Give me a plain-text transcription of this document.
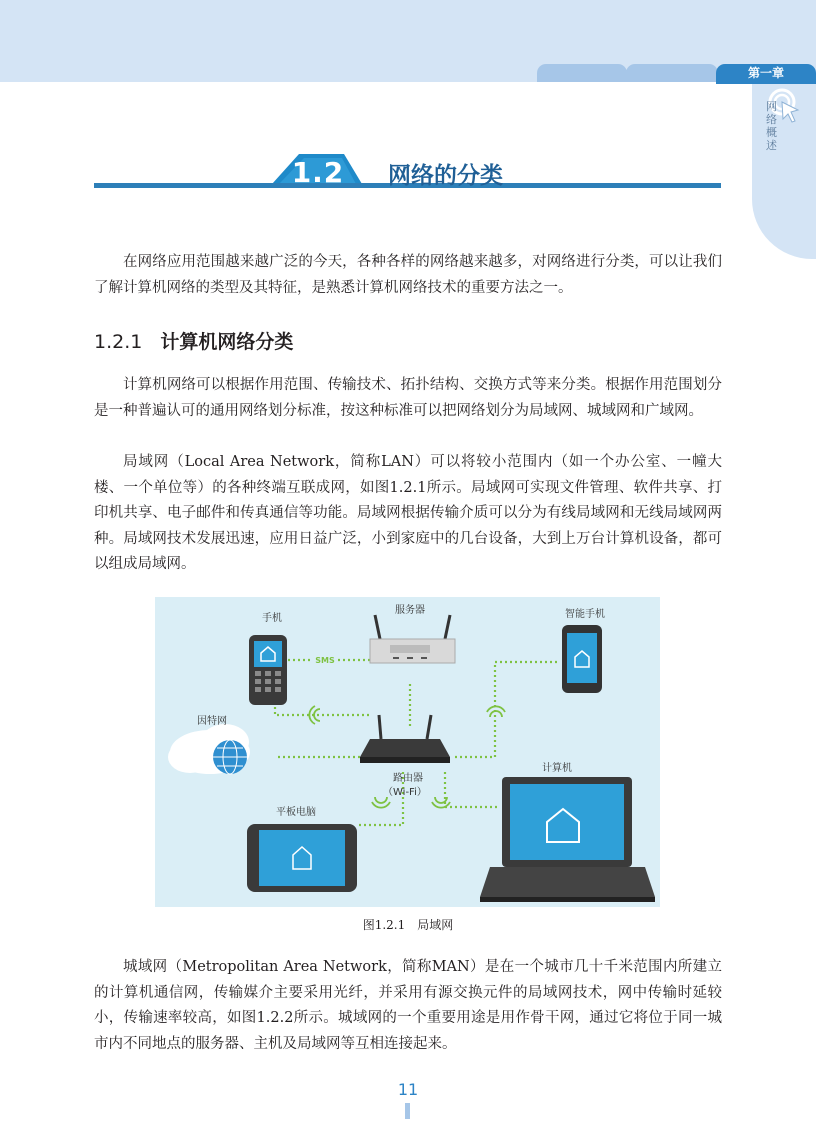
第一章
网络概述
1.2	网络的分类

在网络应用范围越来越广泛的今天，各种各样的网络越来越多，对网络进行分类，可以让我们了解计算机网络的类型及其特征，是熟悉计算机网络技术的重要方法之一。

1.2.1 计算机网络分类

计算机网络可以根据作用范围、传输技术、拓扑结构、交换方式等来分类。根据作用范围划分是一种普遍认可的通用网络划分标准，按这种标准可以把网络划分为局域网、城域网和广域网。

局域网（Local Area Network，简称LAN）可以将较小范围内（如一个办公室、一幢大楼、一个单位等）的各种终端互联成网，如图1.2.1所示。局域网可实现文件管理、软件共享、打印机共享、电子邮件和传真通信等功能。局域网根据传输介质可以分为有线局域网和无线局域网两种。局域网技术发展迅速，应用日益广泛，小到家庭中的几台设备，大到上万台计算机设备，都可以组成局域网。

SMS
手机
服务器	智能手机
因特网
路由器
（Wi-Fi）
计算机
平板电脑
图1.2.1　局域网

城域网（Metropolitan Area Network，简称MAN）是在一个城市几十千米范围内所建立的计算机通信网，传输媒介主要采用光纤，并采用有源交换元件的局域网技术，网中传输时延较小，传输速率较高，如图1.2.2所示。城域网的一个重要用途是用作骨干网，通过它将位于同一城市内不同地点的服务器、主机及局域网等互相连接起来。

11
